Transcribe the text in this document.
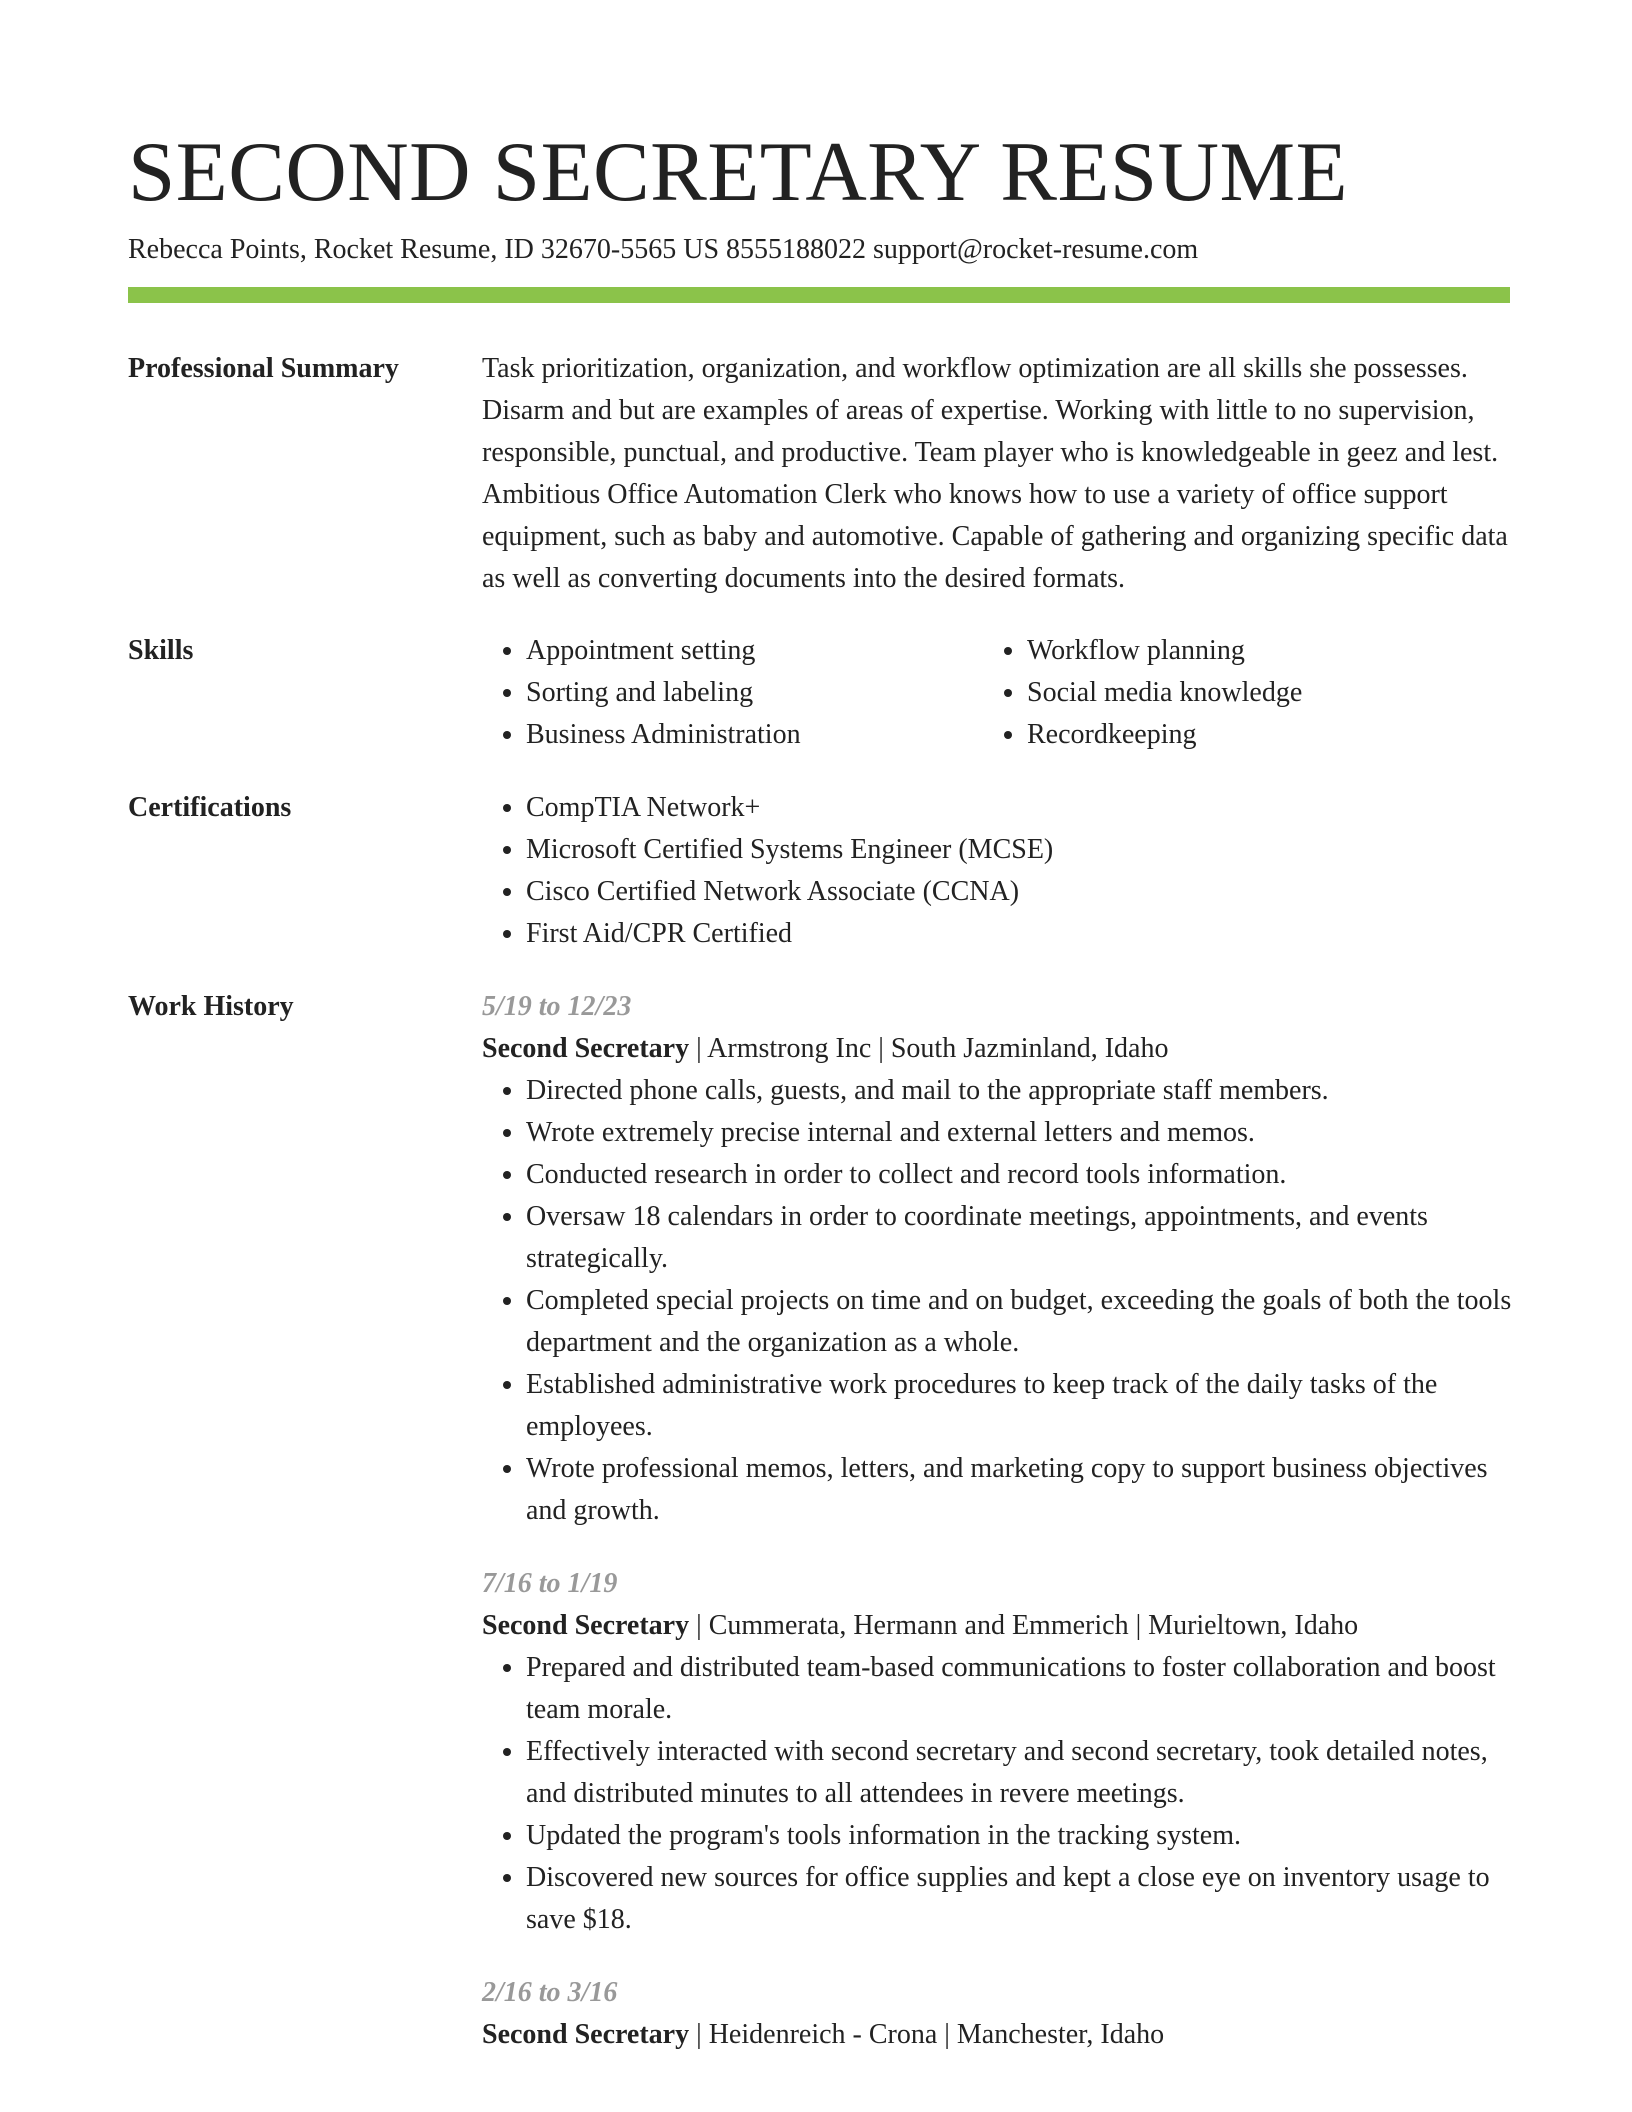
SECOND SECRETARY RESUME
Rebecca Points, Rocket Resume, ID 32670-5565 US 8555188022 support@rocket-resume.com
Professional Summary	Task prioritization, organization, and workflow optimization are all skills she possesses. Disarm and but are examples of areas of expertise. Working with little to no supervision, responsible, punctual, and productive. Team player who is knowledgeable in geez and lest. Ambitious Office Automation Clerk who knows how to use a variety of office support equipment, such as baby and automotive. Capable of gathering and organizing specific data as well as converting documents into the desired formats.

Skills	• Appointment setting
• Sorting and labeling
• Business Administration
• Workflow planning
• Social media knowledge
• Recordkeeping
Certifications	• CompTIA Network+
• Microsoft Certified Systems Engineer (MCSE)
• Cisco Certified Network Associate (CCNA)
• First Aid/CPR Certified
Work History	5/19 to 12/23
Second Secretary | Armstrong Inc | South Jazminland, Idaho
• Directed phone calls, guests, and mail to the appropriate staff members.
• Wrote extremely precise internal and external letters and memos.
• Conducted research in order to collect and record tools information.
• Oversaw 18 calendars in order to coordinate meetings, appointments, and events strategically.
• Completed special projects on time and on budget, exceeding the goals of both the tools department and the organization as a whole.
• Established administrative work procedures to keep track of the daily tasks of the employees.
• Wrote professional memos, letters, and marketing copy to support business objectives and growth.
7/16 to 1/19
Second Secretary | Cummerata, Hermann and Emmerich | Murieltown, Idaho
• Prepared and distributed team-based communications to foster collaboration and boost team morale.
• Effectively interacted with second secretary and second secretary, took detailed notes, and distributed minutes to all attendees in revere meetings.
• Updated the program's tools information in the tracking system.
• Discovered new sources for office supplies and kept a close eye on inventory usage to save $18.
2/16 to 3/16
Second Secretary | Heidenreich - Crona | Manchester, Idaho
